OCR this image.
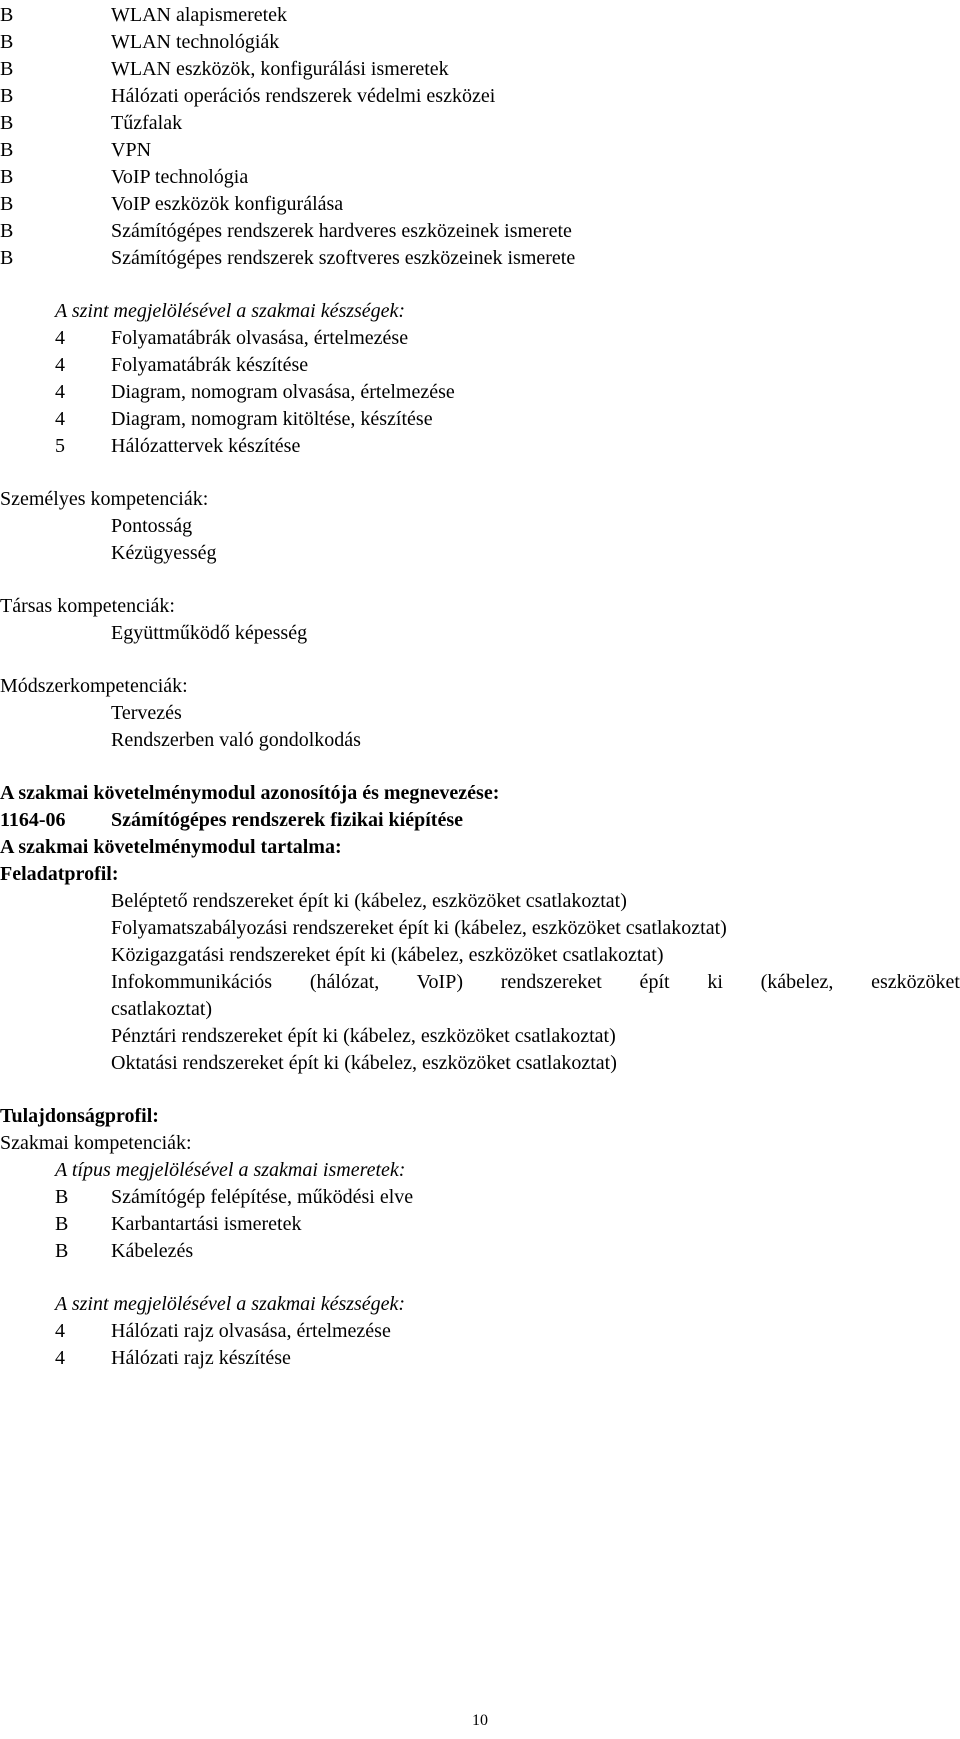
B	WLAN alapismeretek
B	WLAN technológiák
B	WLAN eszközök, konfigurálási ismeretek
B	Hálózati operációs rendszerek védelmi eszközei
B	Tűzfalak
B	VPN
B	VoIP technológia
B	VoIP eszközök konfigurálása
B	Számítógépes rendszerek hardveres eszközeinek ismerete
B	Számítógépes rendszerek szoftveres eszközeinek ismerete
A szint megjelölésével a szakmai készségek:
4	Folyamatábrák olvasása, értelmezése
4	Folyamatábrák készítése
4	Diagram, nomogram olvasása, értelmezése
4	Diagram, nomogram kitöltése, készítése
5	Hálózattervek készítése
Személyes kompetenciák:
Pontosság
Kézügyesség
Társas kompetenciák:
Együttműködő képesség
Módszerkompetenciák:
Tervezés
Rendszerben való gondolkodás
A szakmai követelménymodul azonosítója és megnevezése:
1164-06	Számítógépes rendszerek fizikai kiépítése
A szakmai követelménymodul tartalma:
Feladatprofil:
Beléptető rendszereket épít ki (kábelez, eszközöket csatlakoztat)
Folyamatszabályozási rendszereket épít ki (kábelez, eszközöket csatlakoztat)
Közigazgatási rendszereket épít ki (kábelez, eszközöket csatlakoztat)
Infokommunikációs (hálózat, VoIP) rendszereket épít ki (kábelez, eszközöket
csatlakoztat)
Pénztári rendszereket épít ki (kábelez, eszközöket csatlakoztat)
Oktatási rendszereket épít ki (kábelez, eszközöket csatlakoztat)
Tulajdonságprofil:
Szakmai kompetenciák:
A típus megjelölésével a szakmai ismeretek:
B	Számítógép felépítése, működési elve
B	Karbantartási ismeretek
B	Kábelezés
A szint megjelölésével a szakmai készségek:
4	Hálózati rajz olvasása, értelmezése
4	Hálózati rajz készítése
10
